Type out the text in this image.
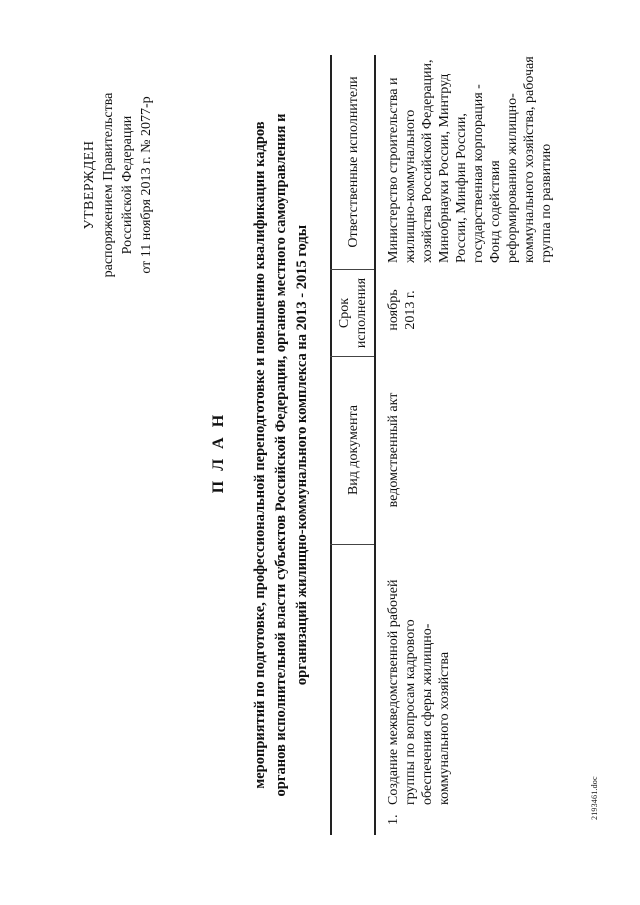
2193461.doc
УТВЕРЖДЕН распоряжением Правительства Российской Федерации от 11 ноября 2013 г. № 2077-р
П Л А Н мероприятий по подготовке, профессиональной переподготовке и повышению квалификации кадров органов исполнительной власти субъектов Российской Федерации, органов местного самоуправления и организаций жилищно-коммунального комплекса на 2013 - 2015 годы	Вид документа
Срок исполнения
Ответственные исполнители
1.
Создание межведомственной рабочей группы по вопросам кадрового обеспечения сферы жилищно-коммунального хозяйства
ведомственный акт
ноябрь 2013 г.
Министерство строительства и жилищно-коммунального хозяйства Российской Федерации, Минобрнауки России, Минтруд России, Минфин России, государственная корпорация - Фонд содействия реформированию жилищно-коммунального хозяйства, рабочая группа по развитию
